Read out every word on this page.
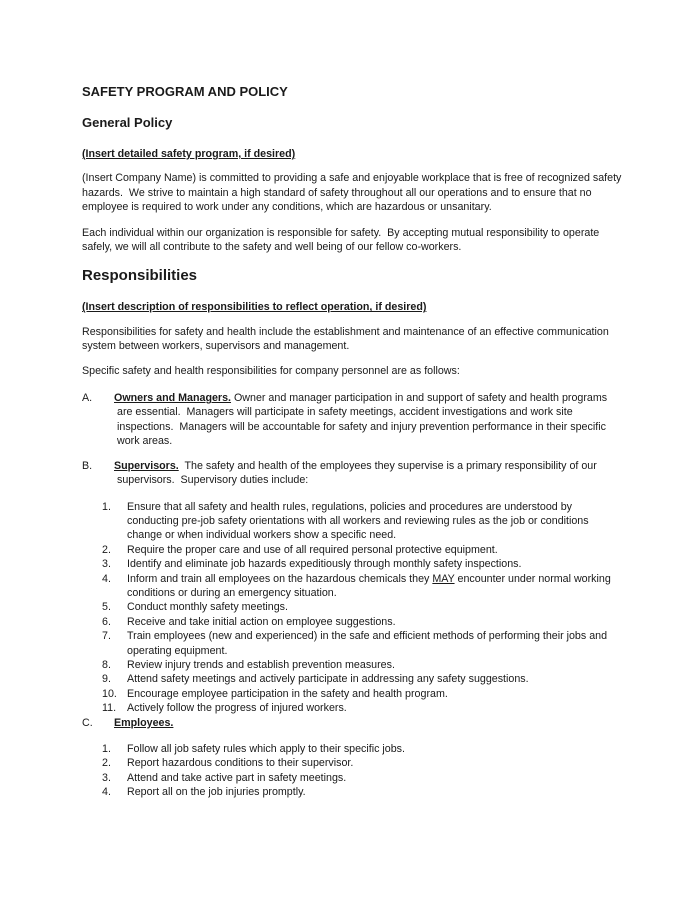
SAFETY PROGRAM AND POLICY
General Policy

(Insert detailed safety program, if desired)

(Insert Company Name) is committed to providing a safe and enjoyable workplace that is free of recognized safety hazards.  We strive to maintain a high standard of safety throughout all our operations and to ensure that no employee is required to work under any conditions, which are hazardous or unsanitary.

Each individual within our organization is responsible for safety.  By accepting mutual responsibility to operate safely, we will all contribute to the safety and well being of our fellow co-workers.

Responsibilities

(Insert description of responsibilities to reflect operation, if desired)

Responsibilities for safety and health include the establishment and maintenance of an effective communication system between workers, supervisors and management.

Specific safety and health responsibilities for company personnel are as follows:

A. Owners and Managers. Owner and manager participation in and support of safety and health programs are essential.  Managers will participate in safety meetings, accident investigations and work site inspections.  Managers will be accountable for safety and injury prevention performance in their specific work areas.
B. Supervisors.  The safety and health of the employees they supervise is a primary responsibility of our supervisors.  Supervisory duties include:
1. Ensure that all safety and health rules, regulations, policies and procedures are understood by conducting pre-job safety orientations with all workers and reviewing rules as the job or conditions change or when individual workers show a specific need.
2. Require the proper care and use of all required personal protective equipment.
3. Identify and eliminate job hazards expeditiously through monthly safety inspections.
4. Inform and train all employees on the hazardous chemicals they MAY encounter under normal working conditions or during an emergency situation.
5. Conduct monthly safety meetings.
6. Receive and take initial action on employee suggestions.
7. Train employees (new and experienced) in the safe and efficient methods of performing their jobs and operating equipment.
8. Review injury trends and establish prevention measures.
9. Attend safety meetings and actively participate in addressing any safety suggestions.
10. Encourage employee participation in the safety and health program.
11. Actively follow the progress of injured workers.
C. Employees.
1. Follow all job safety rules which apply to their specific jobs.
2. Report hazardous conditions to their supervisor.
3. Attend and take active part in safety meetings.
4. Report all on the job injuries promptly.
